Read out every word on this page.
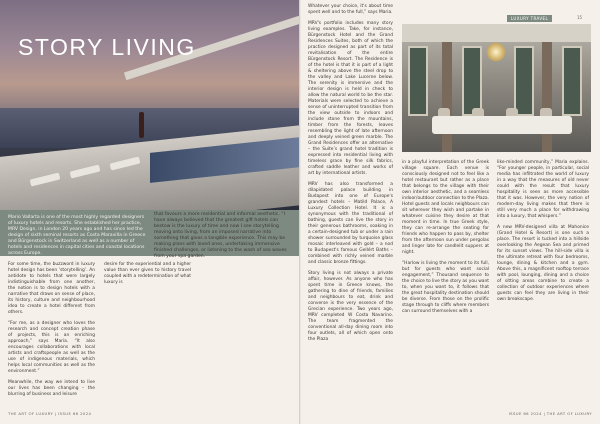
STORY LIVING

Mario Vallarta is one of the most highly regarded designers of luxury hotels and resorts. She established her practice, MRV Design, in London 20 years ago and has since led the design of sixth seminal resorts as Costa Maravilla in Greece and Bürgenstock in Switzerland as well as a number of hotels and residences in capital cities and coastal locations across Europe.

that favours a more residential and informal aesthetic. “I have always believed that the greatest gift hotels can bestow is the luxury of time and now I see storytelling moving onto living, from an imposed narrative into something that gives a tangible experience. This may be making plans with loved ones, undertaking immensive finished challenges, or listening to the wash of sea waves from your spa garden.

For some time, the buzzword in luxury hotel design has been ‘storytelling’. An antidote to hotels that were largely indistinguishable from one another, the notion is to design hotels with a narrative that draws on sense of place, its history, culture and neighbourhood idea to create a hotel different from others.

“For me, as a designer who loves the research and concept creation phase of projects, this is an enriching approach,” says Maria. “It also encourages collaborations with local artists and craftspeople as well as the use of indigenous materials, which helps local communities as well as the environment.”

Meanwhile, the way we intend to live our lives has been changing – the blurring of business and leisure

desire for the experiential and a higher value than ever given to history travel coupled with a redetermination of what luxury is

THE ART OF LUXURY | ISSUE 66 2024
LUXURY TRAVEL	15

Whatever your choice, it's about time spent well and to the full,” says Maria.

MRV's portfolio includes many story living examples. Take, for instance, Bürgenstock Hotel and the Grand Residences Suites, both of which the practice designed as part of its total revitalisation of the entire Bürgenstock Resort. The Residence is of the hotel is that it is part of a light & sheltering above the steel drop to the valley and Lake Lucerne below. The serenity is immersive and the interior design is held in check to allow the natural world to be the star. Materials were selected to achieve a sense of uninterrupted transition from the view outside to indoors and include stone from the mountains, timber from the forests, leaves resembling the light of late afternoon and deeply veined green marble. The Grand Residences offer an alternative – the Suite’s grand hotel tradition is expressed into residential living with timeless grace by fine silk fabrics, crafted saddle leather and works of art by international artists.

MRV has also transformed a dilapidated palace building in Budapest into one of Europe's grandest hotels – Matild Palace, A Luxury Collection Hotel. It is a synonymous with the traditional of bathing, guests can live the story in their generous bathrooms, soaking in a certain-designed tub or under a rain shower surrounded by turquoise glass mosaic interleaved with gold – a nod to Budapest's famous Gellért Baths – combined with richly veined marble and classic bronze fittings.

Story living is not always a private affair, however. As anyone who has spent time in Greece knows, the gathering to dine of friends, families and neighbours to eat, drink and converse is the very essence of the Grecian experience. Two years ago, MRV completed W Costa Navarino. The team fragmented the conventional all-day dining room into four outlets, all of which open onto the Plaza

in a playful interpretation of the Greek village square. Each venue is consciously designed not to feel like a hotel restaurant but rather as a place that belongs to the village with their own interior aesthetic, and a seamless indoor/outdoor connection to the Plaza. Hotel guests and locals neighbours can sit wherever they wish and partake in whatever cuisine they desire at that moment in time. In true Greek style, they can re-arrange the seating for friends who happen to pass by, shelter from the afternoon sun under pergolas and linger late for candlelit suppers at night.

“Harlow is living the moment to its full, but for guests who want social engagement,” Thousand sequence to the choice to live the story as you want to, when you want to, it follows that the great hospitality destination should be diverse. From those on the prolific stage through to cliffs where members can surround themselves with a

like-minded community,” Maria explains. “For younger people, in particular, social media has infiltrated the world of luxury in a way that the measures of old never could with the result that luxury hospitality is seen as more accessible that it was. However, the very notion of modern-day living makes that there is still very much a place for withdrawing into a luxury, that whispers.”

A new MRV-designed villa at Mahonice (Grand Hotel & Resort) is one such a place. The resort is tucked into a hillside overlooking the Aegean Sea and primed for its sunset views. The hill-side villa is the ultimate retreat with four bedrooms, lounge, dining & kitchen and a gym. Above this, a magnificent rooftop terrace with pool, lounging, dining and a choice of sitting areas combine to create a collection of outdoor experiences where guests can feel they are living in their own breakscape.

ISSUE 66 2024 | THE ART OF LUXURY
